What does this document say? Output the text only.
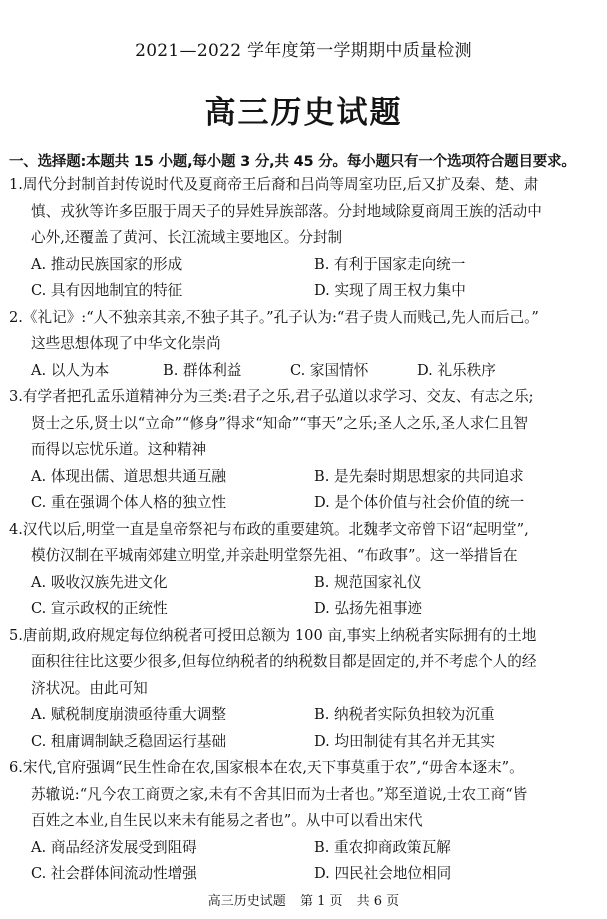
2021—2022 学年度第一学期期中质量检测
高三历史试题
一、选择题:本题共 15 小题,每小题 3 分,共 45 分。每小题只有一个选项符合题目要求。
1.周代分封制首封传说时代及夏商帝王后裔和吕尚等周室功臣,后又扩及秦、楚、肃
慎、戎狄等许多臣服于周天子的异姓异族部落。分封地域除夏商周王族的活动中
心外,还覆盖了黄河、长江流域主要地区。分封制
A. 推动民族国家的形成	B. 有利于国家走向统一
C. 具有因地制宜的特征	D. 实现了周王权力集中
2.《礼记》:“人不独亲其亲,不独子其子。”孔子认为:“君子贵人而贱己,先人而后己。”
这些思想体现了中华文化崇尚
A. 以人为本	B. 群体利益	C. 家国情怀	D. 礼乐秩序
3.有学者把孔孟乐道精神分为三类:君子之乐,君子弘道以求学习、交友、有志之乐;
贤士之乐,贤士以“立命”“修身”得求“知命”“事天”之乐;圣人之乐,圣人求仁且智
而得以忘忧乐道。这种精神
A. 体现出儒、道思想共通互融	B. 是先秦时期思想家的共同追求
C. 重在强调个体人格的独立性	D. 是个体价值与社会价值的统一
4.汉代以后,明堂一直是皇帝祭祀与布政的重要建筑。北魏孝文帝曾下诏“起明堂”,
模仿汉制在平城南郊建立明堂,并亲赴明堂祭先祖、“布政事”。这一举措旨在
A. 吸收汉族先进文化	B. 规范国家礼仪
C. 宣示政权的正统性	D. 弘扬先祖事迹
5.唐前期,政府规定每位纳税者可授田总额为 100 亩,事实上纳税者实际拥有的土地
面积往往比这要少很多,但每位纳税者的纳税数目都是固定的,并不考虑个人的经
济状况。由此可知
A. 赋税制度崩溃亟待重大调整	B. 纳税者实际负担较为沉重
C. 租庸调制缺乏稳固运行基础	D. 均田制徒有其名并无其实
6.宋代,官府强调“民生性命在农,国家根本在农,天下事莫重于农”,“毋舍本逐末”。
苏辙说:“凡今农工商贾之家,未有不舍其旧而为士者也。”郑至道说,士农工商“皆
百姓之本业,自生民以来未有能易之者也”。从中可以看出宋代
A. 商品经济发展受到阻碍	B. 重农抑商政策瓦解
C. 社会群体间流动性增强	D. 四民社会地位相同
高三历史试题 第 1 页 共 6 页
